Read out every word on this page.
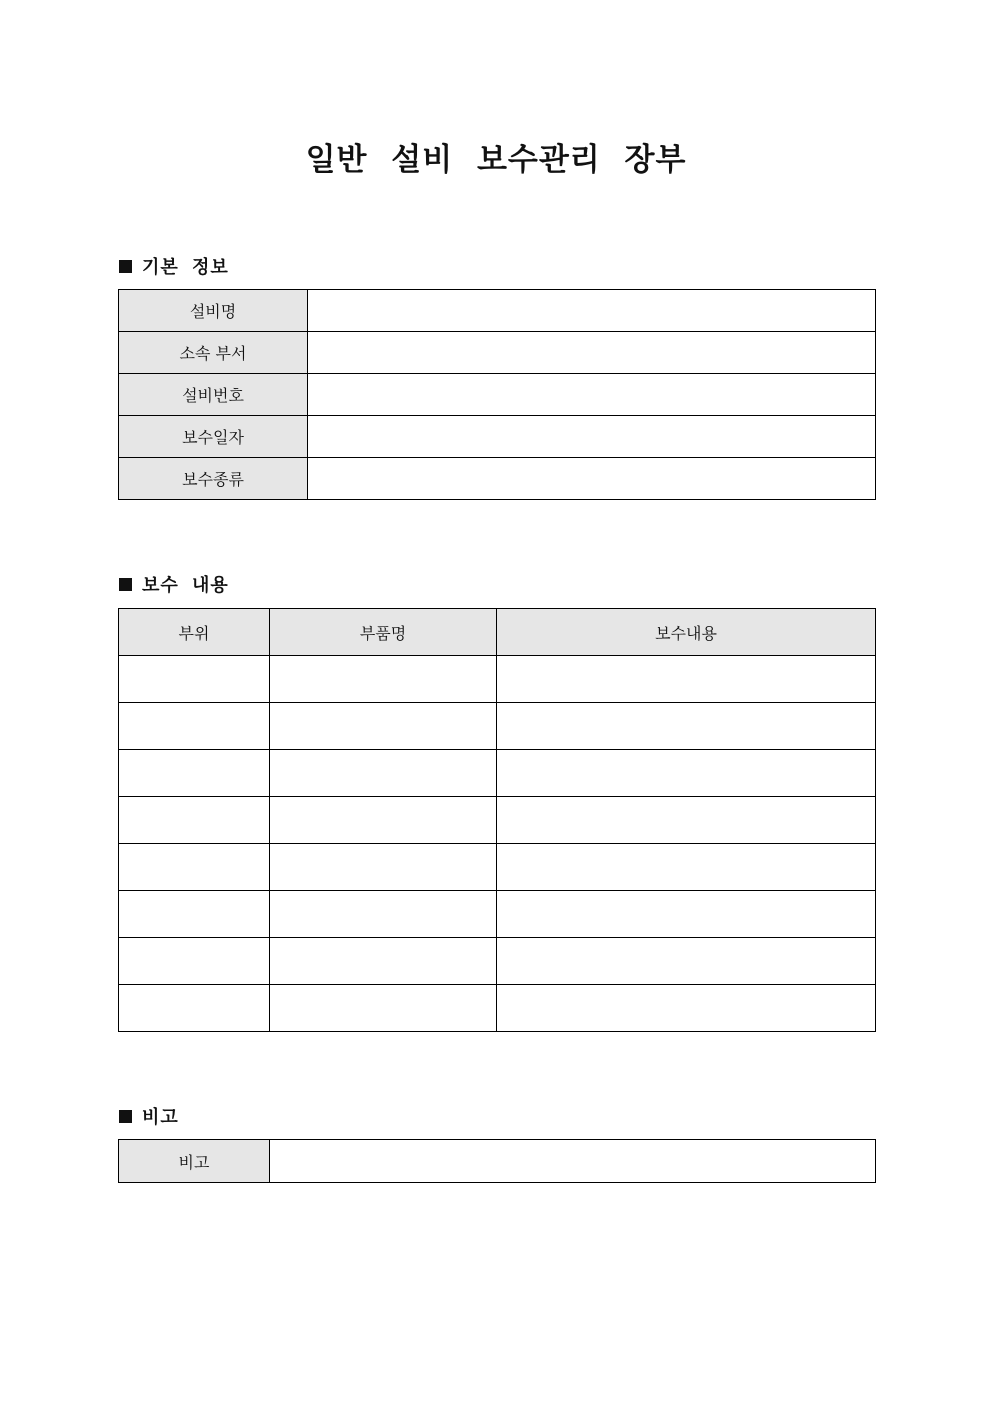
일반 설비 보수관리 장부
기본 정보
설비명	
소속 부서	
설비번호	
보수일자	
보수종류	
보수 내용
부위	부품명	보수내용

비고
비고	
